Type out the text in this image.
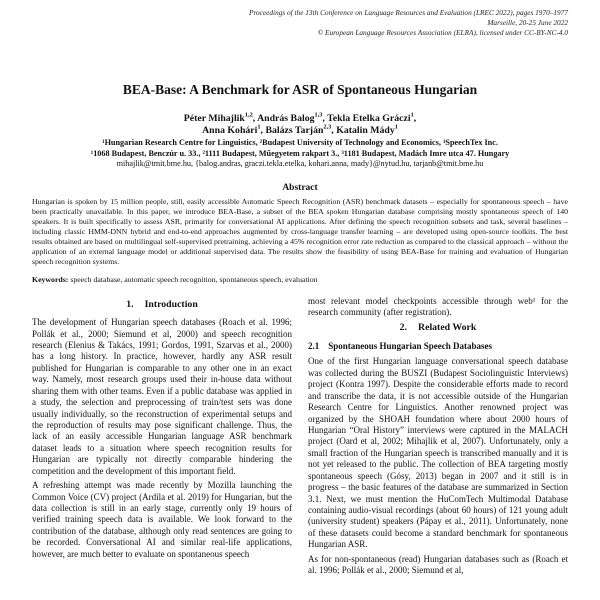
Proceedings of the 13th Conference on Language Resources and Evaluation (LREC 2022), pages 1970–1977
Marseille, 20-25 June 2022
© European Language Resources Association (ELRA), licensed under CC-BY-NC-4.0
BEA-Base: A Benchmark for ASR of Spontaneous Hungarian
Péter Mihajlik$^{1,2}$, András Balog$^{1,3}$, Tekla Etelka Gráczi$^1$,
Anna Kohári$^1$, Balázs Tarján$^{2,3}$, Katalin Mády$^1$
¹Hungarian Research Centre for Linguistics, ²Budapest University of Technology and Economics, ³SpeechTex Inc.
¹1068 Budapest, Benczúr u. 33., ²1111 Budapest, Műegyetem rakpart 3., ³1181 Budapest, Madách Imre utca 47. Hungary
mihajlik@tmit.bme.hu, {balog.andras, graczi.tekla.etelka, kohari.anna, mady}@nytud.hu, tarjanb@tmit.bme.hu
Abstract
Hungarian is spoken by 15 million people, still, easily accessible Automatic Speech Recognition (ASR) benchmark datasets – especially for spontaneous speech – have been practically unavailable. In this paper, we introduce BEA-Base, a subset of the BEA spoken Hungarian database comprising mostly spontaneous speech of 140 speakers. It is built specifically to assess ASR, primarily for conversational AI applications. After defining the speech recognition subsets and task, several baselines – including classic HMM-DNN hybrid and end-to-end approaches augmented by cross-language transfer learning – are developed using open-source toolkits. The best results obtained are based on multilingual self-supervised pretraining, achieving a 45% recognition error rate reduction as compared to the classical approach – without the application of an external language model or additional supervised data. The results show the feasibility of using BEA-Base for training and evaluation of Hungarian speech recognition systems.
Keywords: speech database, automatic speech recognition, spontaneous speech, evaluation
1. Introduction

The development of Hungarian speech databases (Roach et al. 1996; Pollák et al., 2000; Siemund et al, 2000) and speech recognition research (Elenius & Takács, 1991; Gordos, 1991, Szarvas et al., 2000) has a long history. In practice, however, hardly any ASR result published for Hungarian is comparable to any other one in an exact way. Namely, most research groups used their in-house data without sharing them with other teams. Even if a public database was applied in a study, the selection and preprocessing of train/test sets was done usually individually, so the reconstruction of experimental setups and the reproduction of results may pose significant challenge. Thus, the lack of an easily accessible Hungarian language ASR benchmark dataset leads to a situation where speech recognition results for Hungarian are typically not directly comparable hindering the competition and the development of this important field.

A refreshing attempt was made recently by Mozilla launching the Common Voice (CV) project (Ardila et al. 2019) for Hungarian, but the data collection is still in an early stage, currently only 19 hours of verified training speech data is available. We look forward to the contribution of the database, although only read sentences are going to be recorded. Conversational AI and similar real-life applications, however, are much better to evaluate on spontaneous speech

most relevant model checkpoints accessible through web¹ for the research community (after registration).

2. Related Work
2.1 Spontaneous Hungarian Speech Databases

One of the first Hungarian language conversational speech database was collected during the BUSZI (Budapest Sociolinguistic Interviews) project (Kontra 1997). Despite the considerable efforts made to record and transcribe the data, it is not accessible outside of the Hungarian Research Centre for Linguistics. Another renowned project was organized by the SHOAH foundation where about 2000 hours of Hungarian “Oral History” interviews were captured in the MALACH project (Oard et al, 2002; Mihajlik et al, 2007). Unfortunately, only a small fraction of the Hungarian speech is transcribed manually and it is not yet released to the public. The collection of BEA targeting mostly spontaneous speech (Gósy, 2013) began in 2007 and it still is in progress – the basic features of the database are summarized in Section 3.1. Next, we must mention the HuComTech Multimodal Database containing audio-visual recordings (about 60 hours) of 121 young adult (university student) speakers (Pápay et al., 2011). Unfortunately, none of these datasets could become a standard benchmark for spontaneous Hungarian ASR.

As for non-spontaneous (read) Hungarian databases such as (Roach et al. 1996; Pollák et al., 2000; Siemund et al,
